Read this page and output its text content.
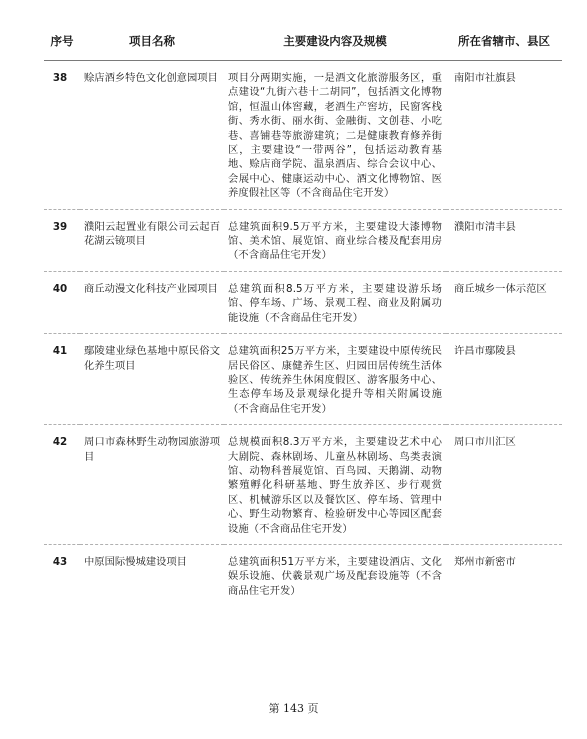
序号	项目名称	主要建设内容及规模	所在省辖市、县区
38	赊店酒乡特色文化创意园项目	项目分两期实施，一是酒文化旅游服务区，重点建设“九街六巷十二胡同”，包括酒文化博物馆，恒温山体窖藏，老酒生产窖坊，民窗客栈街、秀水街、丽水街、金融街、文创巷、小吃巷、喜铺巷等旅游建筑；二是健康教育修养街区，主要建设“一带两谷”，包括运动教育基地、赊店商学院、温泉酒店、综合会议中心、会展中心、健康运动中心、酒文化博物馆、医养度假社区等（不含商品住宅开发）	南阳市社旗县
39	濮阳云起置业有限公司云起百花湖云镜项目	总建筑面积9.5万平方米，主要建设大漆博物馆、美术馆、展览馆、商业综合楼及配套用房（不含商品住宅开发）	濮阳市清丰县
40	商丘动漫文化科技产业园项目	总建筑面积8.5万平方米，主要建设游乐场馆、停车场、广场、景观工程、商业及附属功能设施（不含商品住宅开发）	商丘城乡一体示范区
41	鄢陵建业绿色基地中原民俗文化养生项目	总建筑面积25万平方米，主要建设中原传统民居民俗区、康健养生区、归园田居传统生活体验区、传统养生休闲度假区、游客服务中心、生态停车场及景观绿化提升等相关附属设施（不含商品住宅开发）	许昌市鄢陵县
42	周口市森林野生动物园旅游项目	总规模面积8.3万平方米，主要建设艺术中心大剧院、森林剧场、儿童丛林剧场、鸟类表演馆、动物科普展览馆、百鸟园、天鹅湖、动物繁殖孵化科研基地、野生放养区、步行观赏区、机械游乐区以及餐饮区、停车场、管理中心、野生动物繁育、检验研发中心等园区配套设施（不含商品住宅开发）	周口市川汇区
43	中原国际慢城建设项目	总建筑面积51万平方米，主要建设酒店、文化娱乐设施、伏羲景观广场及配套设施等（不含商品住宅开发）	郑州市新密市
第 143 页
